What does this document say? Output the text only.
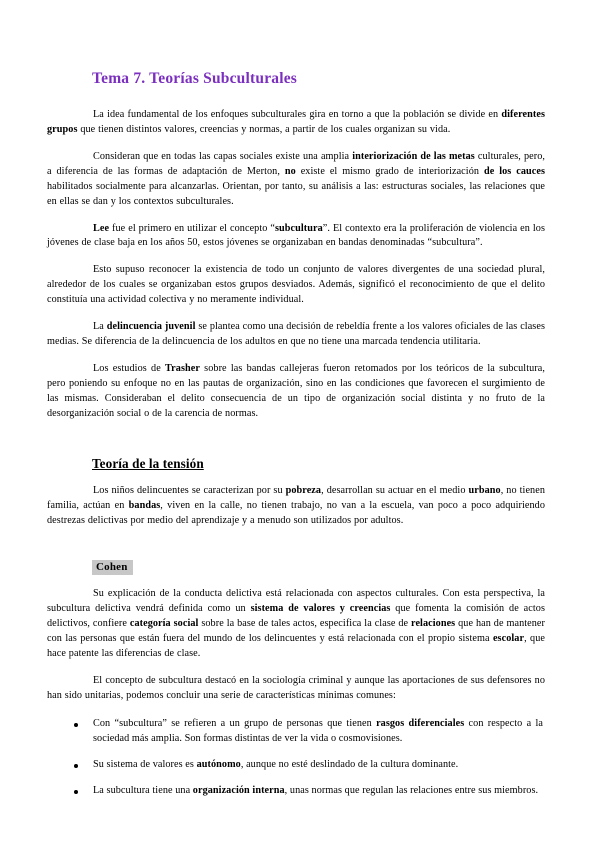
Tema 7. Teorías Subculturales

La idea fundamental de los enfoques subculturales gira en torno a que la población se divide en diferentes grupos que tienen distintos valores, creencias y normas, a partir de los cuales organizan su vida.

Consideran que en todas las capas sociales existe una amplia interiorización de las metas culturales, pero, a diferencia de las formas de adaptación de Merton, no existe el mismo grado de interiorización de los cauces habilitados socialmente para alcanzarlas. Orientan, por tanto, su análisis a las: estructuras sociales, las relaciones que en ellas se dan y los contextos subculturales.

Lee fue el primero en utilizar el concepto “subcultura”. El contexto era la proliferación de violencia en los jóvenes de clase baja en los años 50, estos jóvenes se organizaban en bandas denominadas “subcultura”.

Esto supuso reconocer la existencia de todo un conjunto de valores divergentes de una sociedad plural, alrededor de los cuales se organizaban estos grupos desviados. Además, significó el reconocimiento de que el delito constituía una actividad colectiva y no meramente individual.

La delincuencia juvenil se plantea como una decisión de rebeldía frente a los valores oficiales de las clases medias. Se diferencia de la delincuencia de los adultos en que no tiene una marcada tendencia utilitaria.

Los estudios de Trasher sobre las bandas callejeras fueron retomados por los teóricos de la subcultura, pero poniendo su enfoque no en las pautas de organización, sino en las condiciones que favorecen el surgimiento de las mismas. Consideraban el delito consecuencia de un tipo de organización social distinta y no fruto de la desorganización social o de la carencia de normas.

Teoría de la tensión

Los niños delincuentes se caracterizan por su pobreza, desarrollan su actuar en el medio urbano, no tienen familia, actúan en bandas, viven en la calle, no tienen trabajo, no van a la escuela, van poco a poco adquiriendo destrezas delictivas por medio del aprendizaje y a menudo son utilizados por adultos.

Cohen

Su explicación de la conducta delictiva está relacionada con aspectos culturales. Con esta perspectiva, la subcultura delictiva vendrá definida como un sistema de valores y creencias que fomenta la comisión de actos delictivos, confiere categoría social sobre la base de tales actos, especifica la clase de relaciones que han de mantener con las personas que están fuera del mundo de los delincuentes y está relacionada con el propio sistema escolar, que hace patente las diferencias de clase.

El concepto de subcultura destacó en la sociología criminal y aunque las aportaciones de sus defensores no han sido unitarias, podemos concluir una serie de características mínimas comunes:

Con “subcultura” se refieren a un grupo de personas que tienen rasgos diferenciales con respecto a la sociedad más amplia. Son formas distintas de ver la vida o cosmovisiones.
Su sistema de valores es autónomo, aunque no esté deslindado de la cultura dominante.
La subcultura tiene una organización interna, unas normas que regulan las relaciones entre sus miembros.
